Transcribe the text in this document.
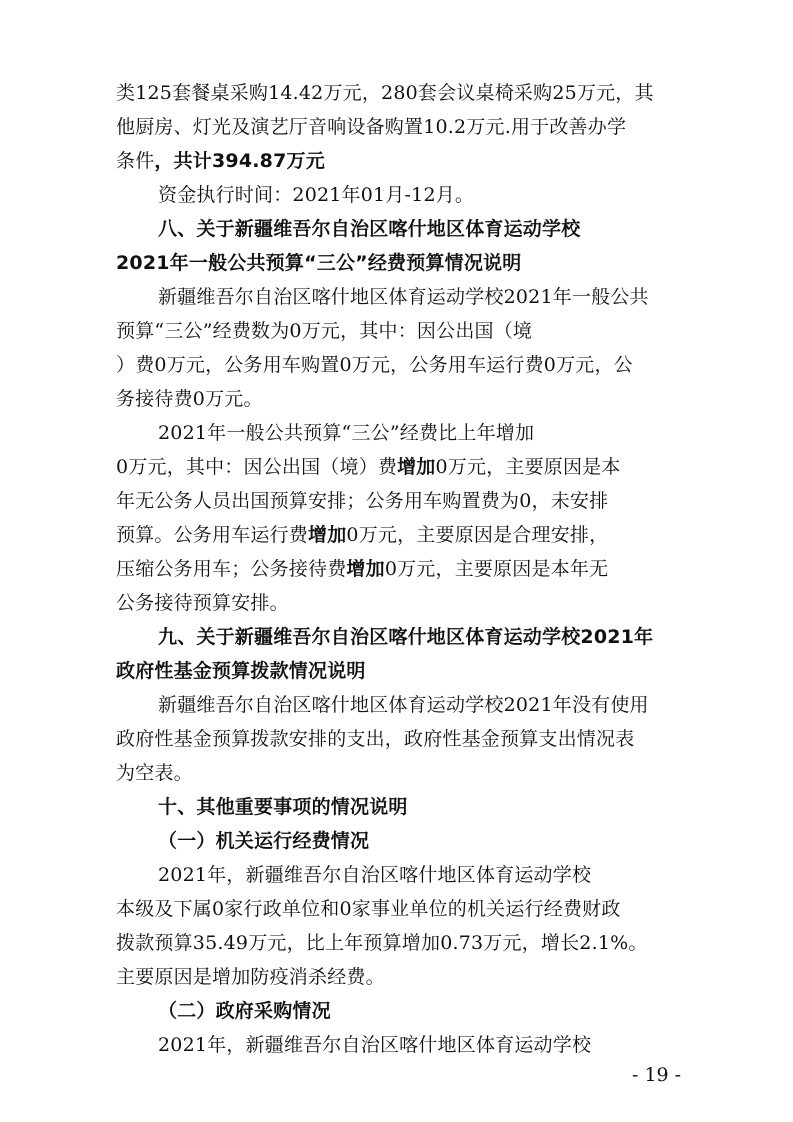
类125套餐桌采购14.42万元，280套会议桌椅采购25万元，其
他厨房、灯光及演艺厅音响设备购置10.2万元.用于改善办学
条件，共计394.87万元
资金执行时间：2021年01月-12月。
八、关于新疆维吾尔自治区喀什地区体育运动学校
2021年一般公共预算“三公”经费预算情况说明
新疆维吾尔自治区喀什地区体育运动学校2021年一般公共
预算“三公”经费数为0万元，其中：因公出国（境
）费0万元，公务用车购置0万元，公务用车运行费0万元，公
务接待费0万元。
2021年一般公共预算“三公”经费比上年增加
0万元，其中：因公出国（境）费增加0万元，主要原因是本
年无公务人员出国预算安排；公务用车购置费为0，未安排
预算。公务用车运行费增加0万元，主要原因是合理安排，
压缩公务用车；公务接待费增加0万元，主要原因是本年无
公务接待预算安排。
九、关于新疆维吾尔自治区喀什地区体育运动学校2021年
政府性基金预算拨款情况说明
新疆维吾尔自治区喀什地区体育运动学校2021年没有使用
政府性基金预算拨款安排的支出，政府性基金预算支出情况表
为空表。
十、其他重要事项的情况说明
（一）机关运行经费情况
2021年，新疆维吾尔自治区喀什地区体育运动学校
本级及下属0家行政单位和0家事业单位的机关运行经费财政
拨款预算35.49万元，比上年预算增加0.73万元，增长2.1%。
主要原因是增加防疫消杀经费。
（二）政府采购情况
2021年，新疆维吾尔自治区喀什地区体育运动学校
- 19 -
